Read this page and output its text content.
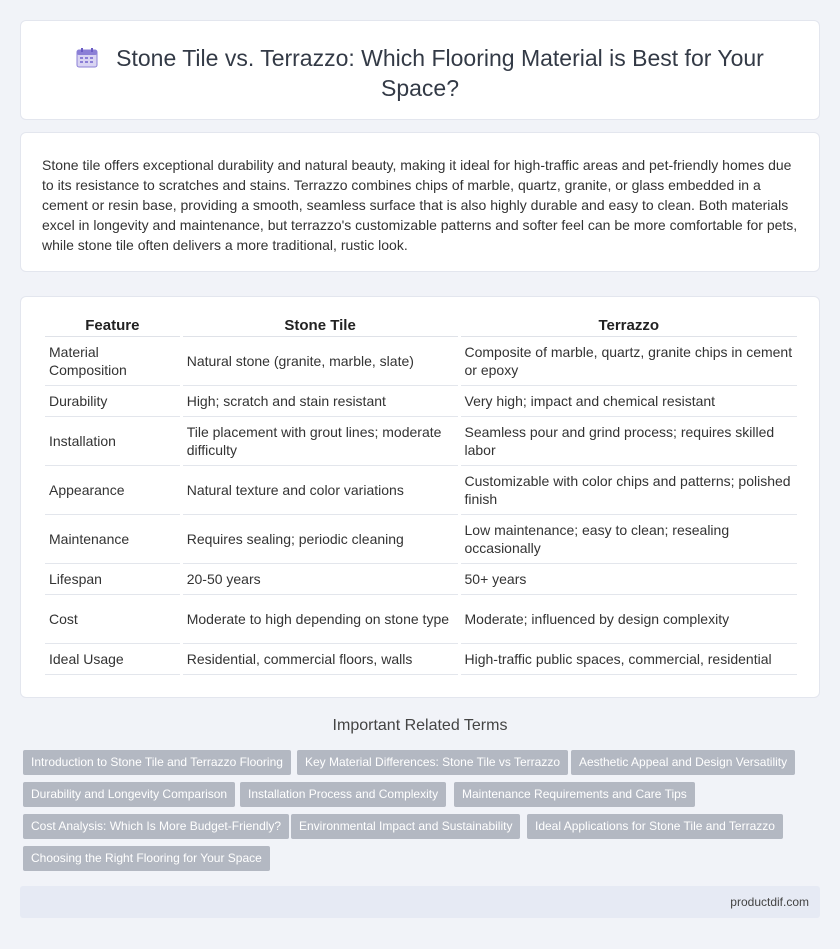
Stone Tile vs. Terrazzo: Which Flooring Material is Best for Your Space?

Stone tile offers exceptional durability and natural beauty, making it ideal for high-traffic areas and pet-friendly homes due to its resistance to scratches and stains. Terrazzo combines chips of marble, quartz, granite, or glass embedded in a cement or resin base, providing a smooth, seamless surface that is also highly durable and easy to clean. Both materials excel in longevity and maintenance, but terrazzo's customizable patterns and softer feel can be more comfortable for pets, while stone tile often delivers a more traditional, rustic look.

Feature	Stone Tile	Terrazzo
Material Composition	Natural stone (granite, marble, slate)	Composite of marble, quartz, granite chips in cement or epoxy
Durability	High; scratch and stain resistant	Very high; impact and chemical resistant
Installation	Tile placement with grout lines; moderate difficulty	Seamless pour and grind process; requires skilled labor
Appearance	Natural texture and color variations	Customizable with color chips and patterns; polished finish
Maintenance	Requires sealing; periodic cleaning	Low maintenance; easy to clean; resealing occasionally
Lifespan	20-50 years	50+ years
Cost	Moderate to high depending on stone type	Moderate; influenced by design complexity
Ideal Usage	Residential, commercial floors, walls	High-traffic public spaces, commercial, residential
Important Related Terms
Introduction to Stone Tile and Terrazzo Flooring	Key Material Differences: Stone Tile vs Terrazzo	Aesthetic Appeal and Design Versatility
Durability and Longevity Comparison	Installation Process and Complexity	Maintenance Requirements and Care Tips
Cost Analysis: Which Is More Budget-Friendly?	Environmental Impact and Sustainability	Ideal Applications for Stone Tile and Terrazzo
Choosing the Right Flooring for Your Space
productdif.com
